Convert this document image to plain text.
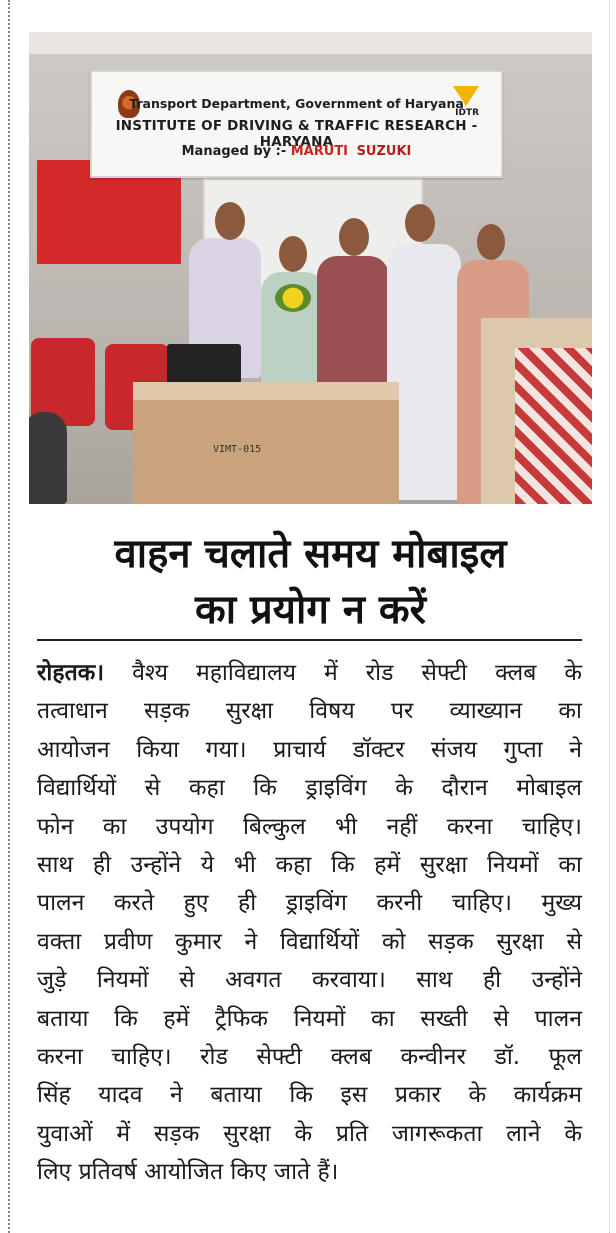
IDTR
Transport Department, Government of Haryana
INSTITUTE OF DRIVING & TRAFFIC RESEARCH - HARYANA
Managed by :- MARUTI SUZUKI
VIMT-015
वाहन चलाते समय मोबाइल
का प्रयोग न करें
रोहतक। वैश्य महाविद्यालय में रोड सेफ्टी क्लब के
तत्वाधान सड़क सुरक्षा विषय पर व्याख्यान का
आयोजन किया गया। प्राचार्य डॉक्टर संजय गुप्ता ने
विद्यार्थियों से कहा कि ड्राइविंग के दौरान मोबाइल
फोन का उपयोग बिल्कुल भी नहीं करना चाहिए।
साथ ही उन्होंने ये भी कहा कि हमें सुरक्षा नियमों का
पालन करते हुए ही ड्राइविंग करनी चाहिए। मुख्य
वक्ता प्रवीण कुमार ने विद्यार्थियों को सड़क सुरक्षा से
जुड़े नियमों से अवगत करवाया। साथ ही उन्होंने
बताया कि हमें ट्रैफिक नियमों का सख्ती से पालन
करना चाहिए। रोड सेफ्टी क्लब कन्वीनर डॉ. फूल
सिंह यादव ने बताया कि इस प्रकार के कार्यक्रम
युवाओं में सड़क सुरक्षा के प्रति जागरूकता लाने के
लिए प्रतिवर्ष आयोजित किए जाते हैं।
